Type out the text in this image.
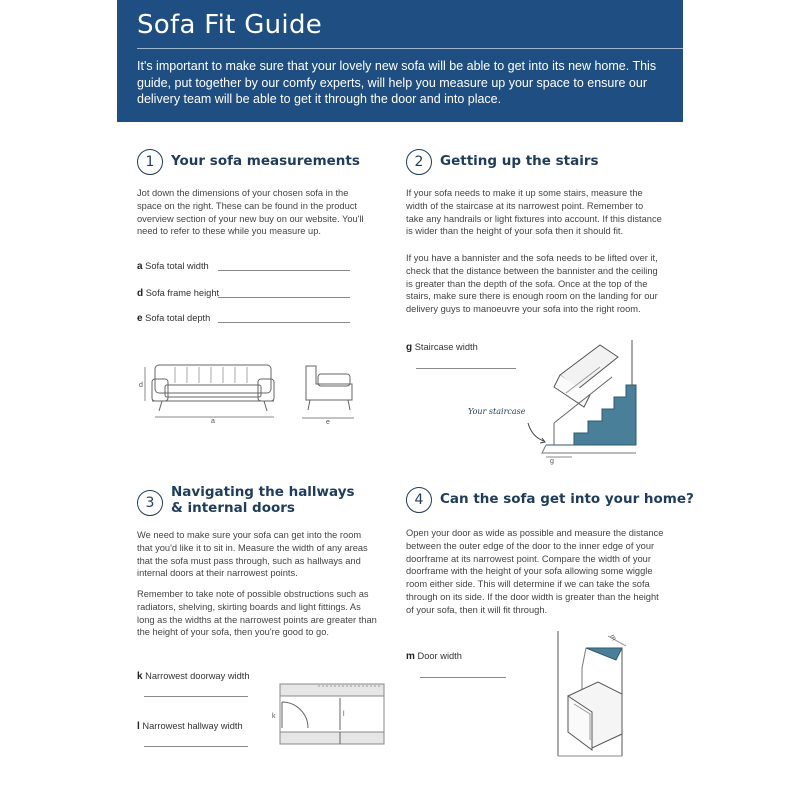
Sofa Fit Guide

It's important to make sure that your lovely new sofa will be able to get into its new home. This guide, put together by our comfy experts, will help you measure up your space to ensure our delivery team will be able to get it through the door and into place.

1	Your sofa measurements

Jot down the dimensions of your chosen sofa in the space on the right. These can be found in the product overview section of your new buy on our website. You'll need to refer to these while you measure up.

a Sofa total width
d Sofa frame height
e Sofa total depth
d
a	e
2	Getting up the stairs

If your sofa needs to make it up some stairs, measure the width of the staircase at its narrowest point. Remember to take any handrails or light fixtures into account. If this distance is wider than the height of your sofa then it should fit.

If you have a bannister and the sofa needs to be lifted over it, check that the distance between the bannister and the ceiling is greater than the depth of the sofa. Once at the top of the stairs, make sure there is enough room on the landing for our delivery guys to manoeuvre your sofa into the right room.

g Staircase width
Your staircase
g
3
Navigating the hallways
& internal doors

We need to make sure your sofa can get into the room that you'd like it to sit in. Measure the width of any areas that the sofa must pass through, such as hallways and internal doors at their narrowest points.

Remember to take note of possible obstructions such as radiators, shelving, skirting boards and light fittings. As long as the widths at the narrowest points are greater than the height of your sofa, then you're good to go.

k Narrowest doorway width
l Narrowest hallway width
k	l
4	Can the sofa get into your home?

Open your door as wide as possible and measure the distance between the outer edge of the door to the inner edge of your doorframe at its narrowest point. Compare the width of your doorframe with the height of your sofa allowing some wiggle room either side. This will determine if we can take the sofa through on its side. If the door width is greater than the height of your sofa, then it will fit through.

m Door width
m
